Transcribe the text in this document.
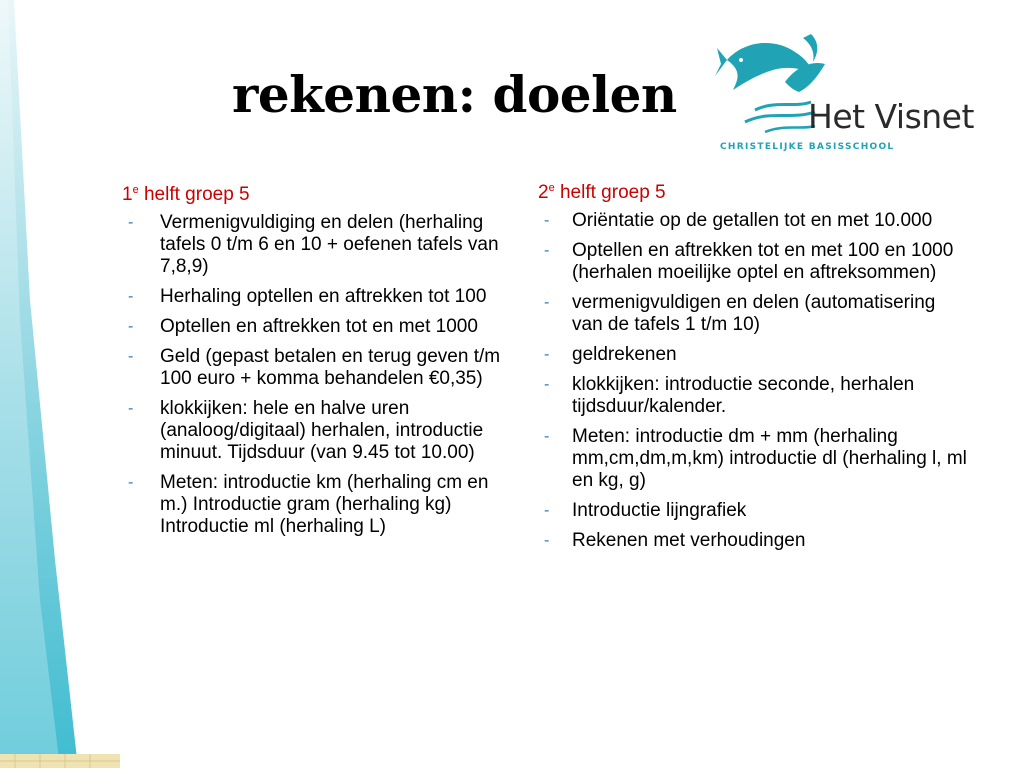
rekenen: doelen	Het Visnet
CHRISTELIJKE BASISSCHOOL
1e helft groep 5
- Vermenigvuldiging en delen (herhaling tafels 0 t/m 6 en 10 + oefenen tafels van 7,8,9)
- Herhaling optellen en aftrekken tot 100
- Optellen en aftrekken tot en met 1000
- Geld (gepast betalen en terug geven t/m 100 euro + komma behandelen €0,35)
- klokkijken: hele en halve uren (analoog/digitaal) herhalen, introductie minuut. Tijdsduur (van 9.45 tot 10.00)
- Meten: introductie km (herhaling cm en m.) Introductie gram (herhaling kg) Introductie ml (herhaling L)
2e helft groep 5
- Oriëntatie op de getallen tot en met 10.000
- Optellen en aftrekken tot en met 100 en 1000 (herhalen moeilijke optel en aftreksommen)
- vermenigvuldigen en delen (automatisering van de tafels 1 t/m 10)
- geldrekenen
- klokkijken: introductie seconde, herhalen tijdsduur/kalender.
- Meten: introductie dm + mm (herhaling mm,cm,dm,m,km) introductie dl (herhaling l, ml en kg, g)
- Introductie lijngrafiek
- Rekenen met verhoudingen
